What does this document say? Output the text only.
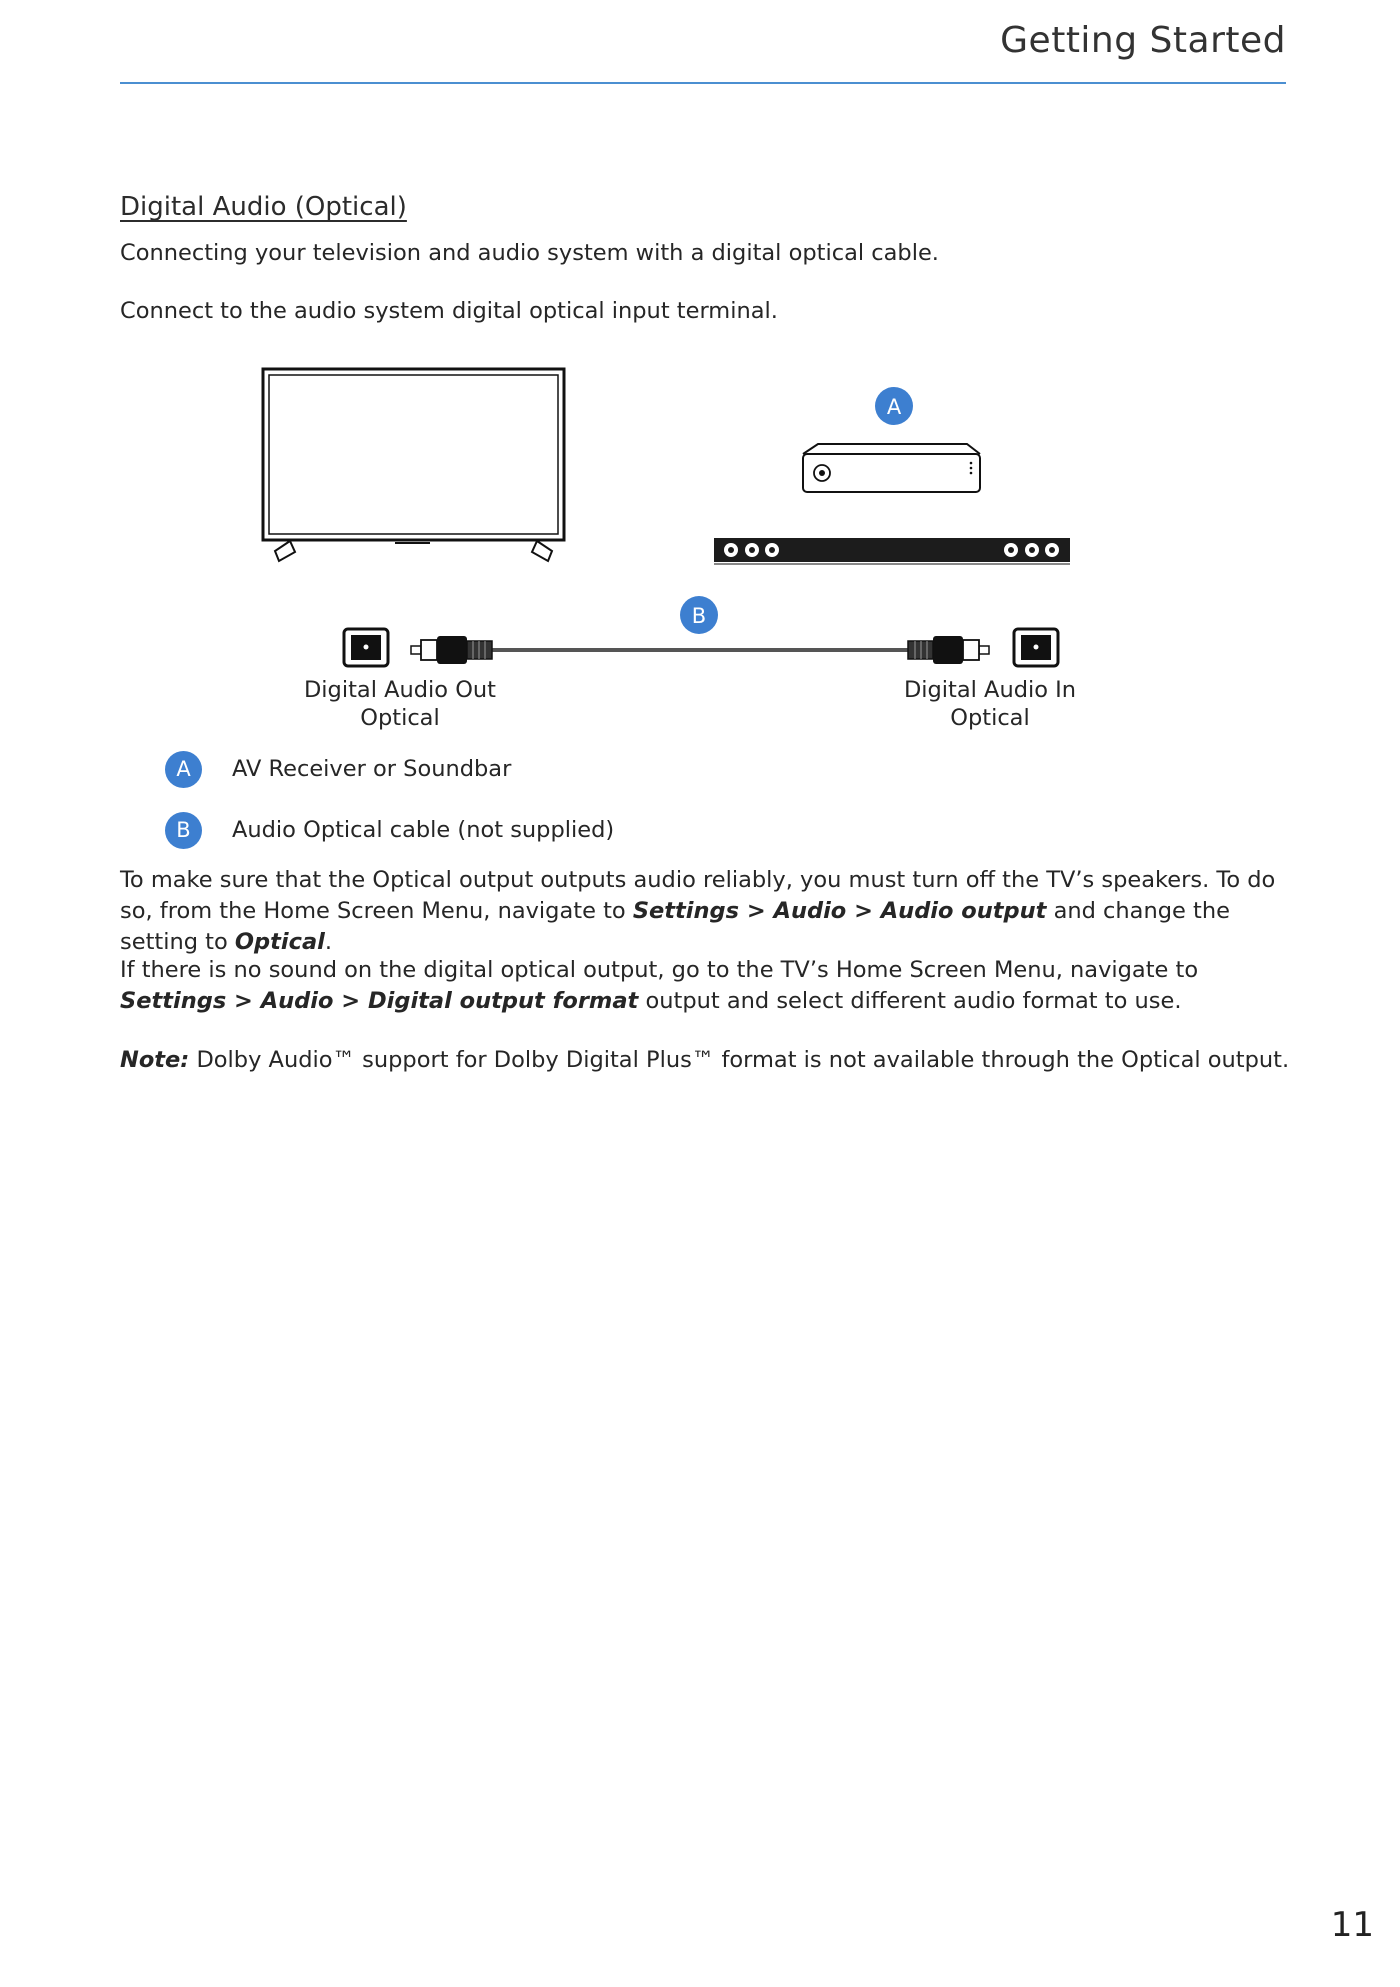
Getting Started
Digital Audio (Optical)
Connecting your television and audio system with a digital optical cable.
Connect to the audio system digital optical input terminal.
A
B
Digital Audio Out
Optical
Digital Audio In
Optical
A	AV Receiver or Soundbar
B	Audio Optical cable (not supplied)
To make sure that the Optical output outputs audio reliably, you must turn off the TV’s speakers. To do so, from the Home Screen Menu, navigate to Settings > Audio > Audio output and change the setting to Optical.
If there is no sound on the digital optical output, go to the TV’s Home Screen Menu, navigate to Settings > Audio > Digital output format output and select different audio format to use.
Note: Dolby Audio™ support for Dolby Digital Plus™ format is not available through the Optical output.
11
